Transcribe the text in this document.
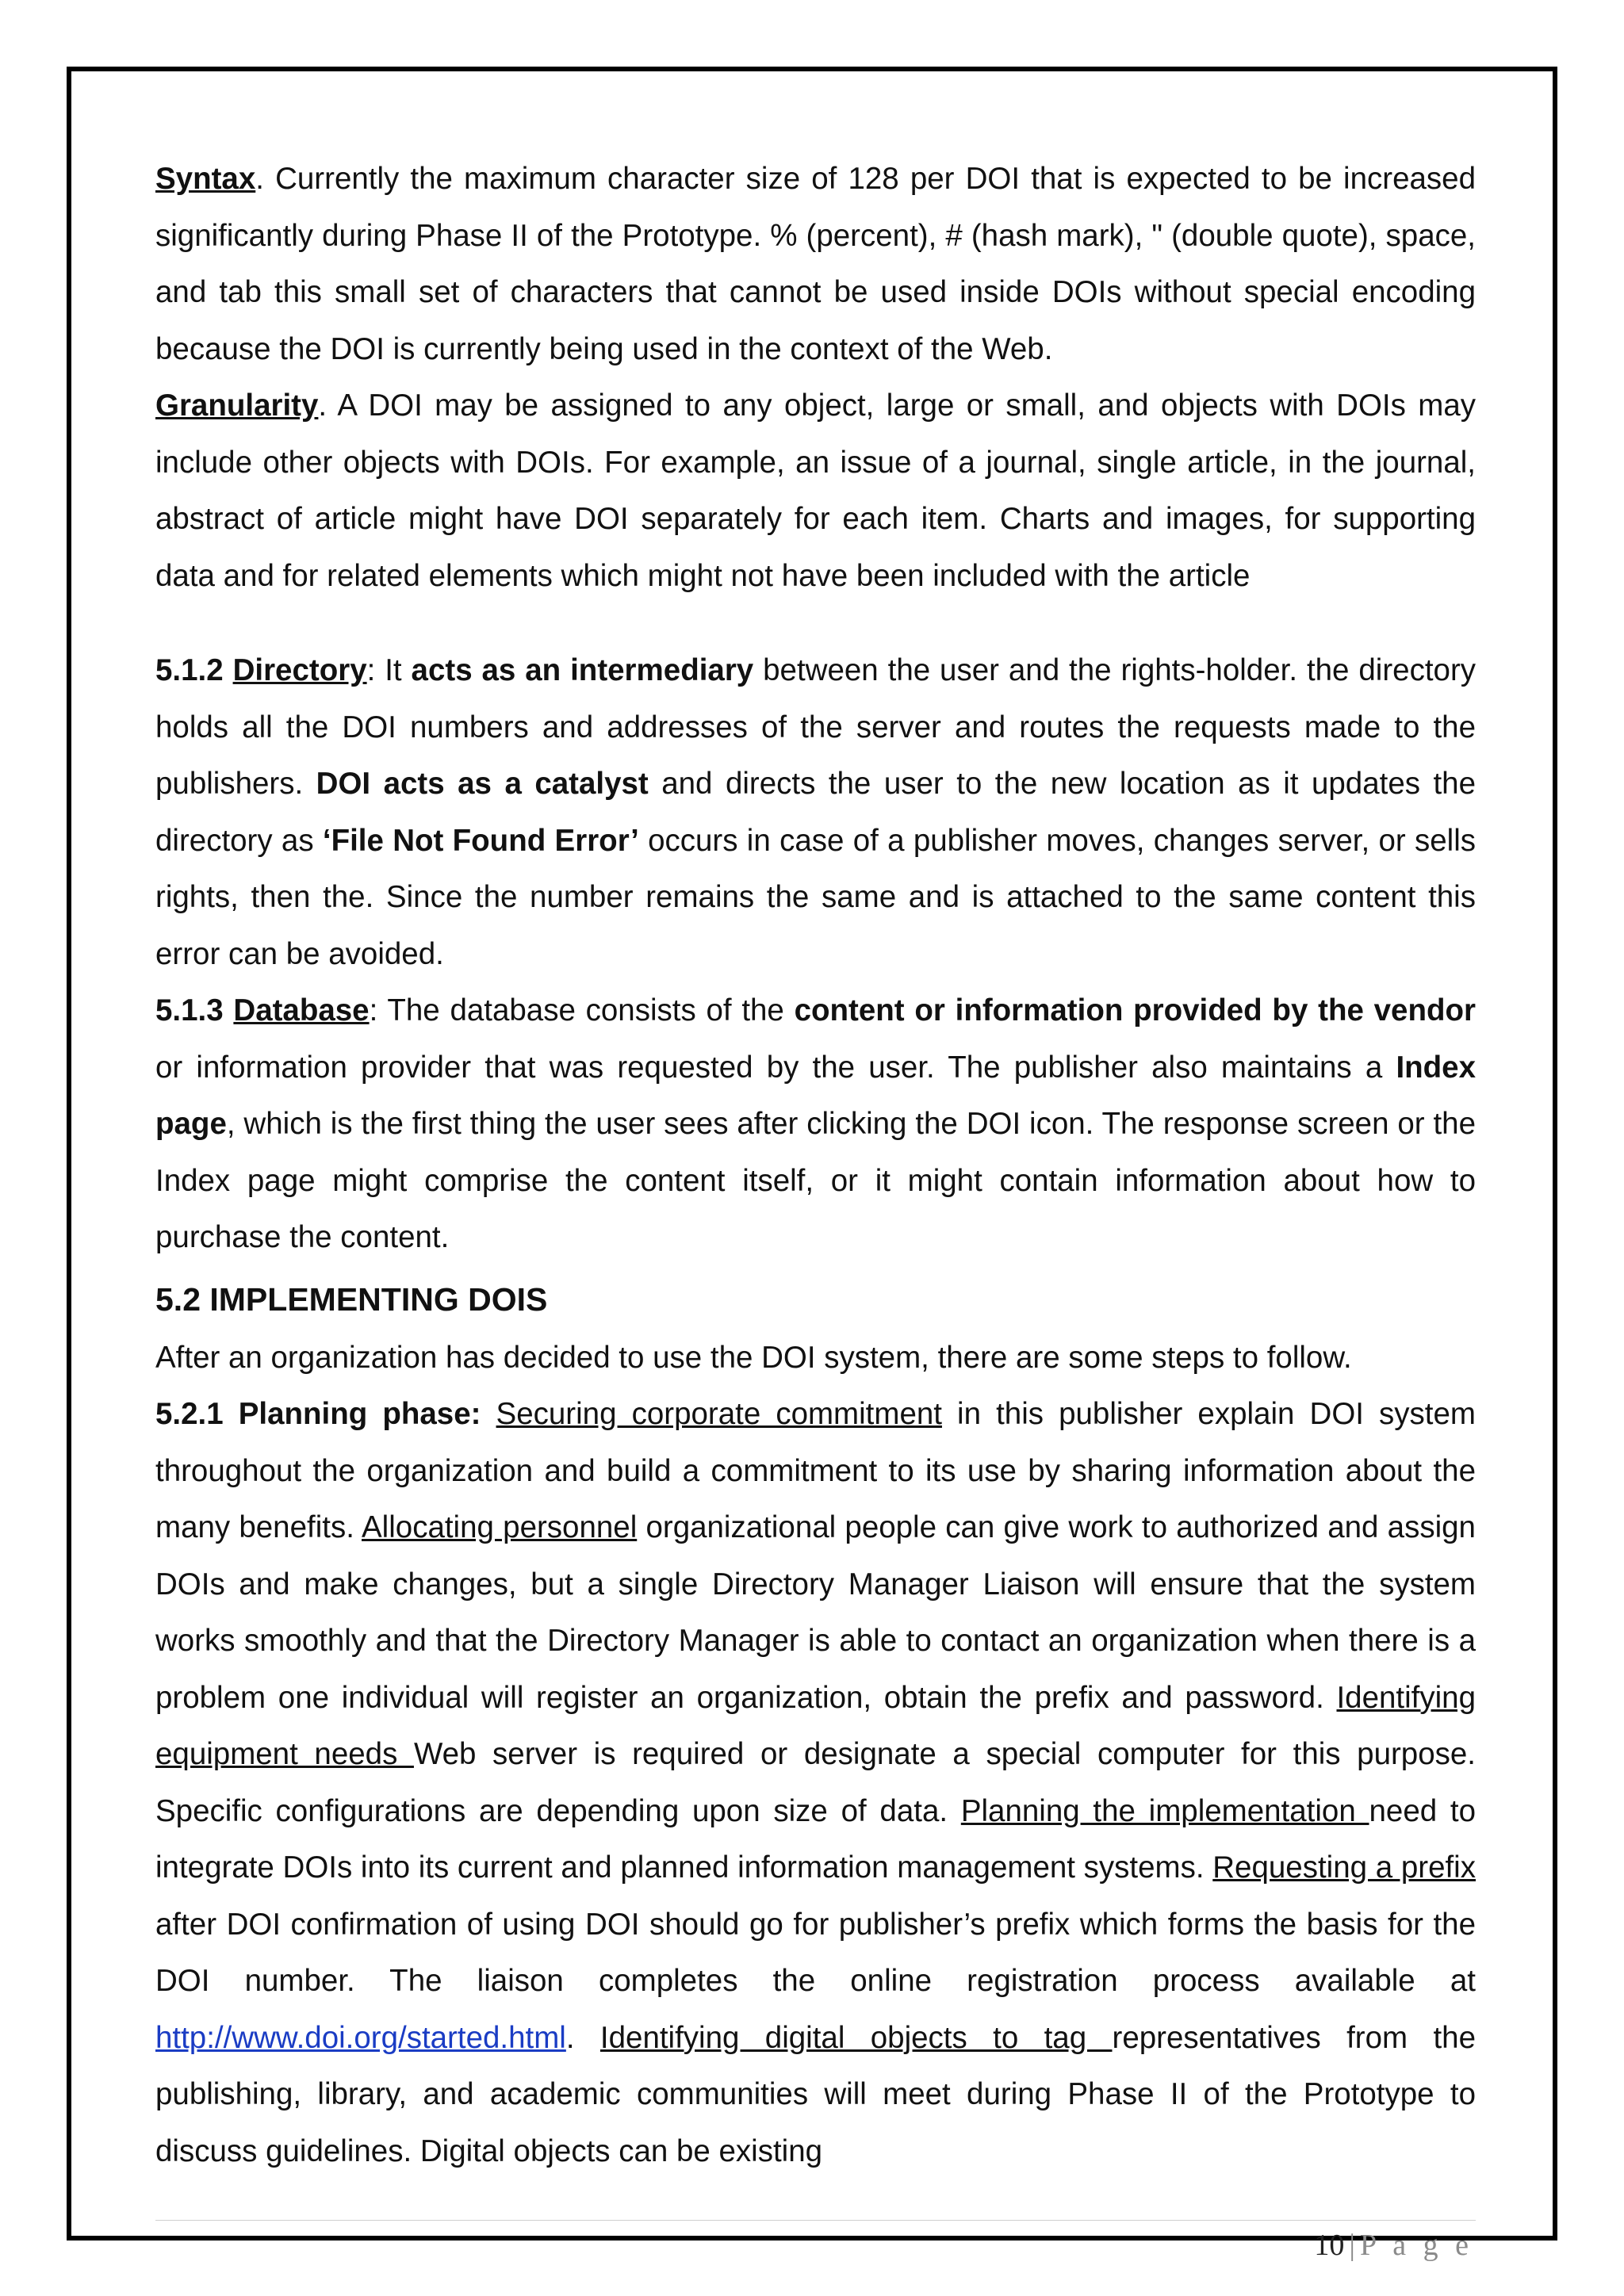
Syntax. Currently the maximum character size of 128 per DOI that is expected to be increased significantly during Phase II of the Prototype. % (percent), # (hash mark), " (double quote), space, and tab this small set of characters that cannot be used inside DOIs without special encoding because the DOI is currently being used in the context of the Web.

Granularity. A DOI may be assigned to any object, large or small, and objects with DOIs may include other objects with DOIs. For example, an issue of a journal, single article, in the journal, abstract of article might have DOI separately for each item. Charts and images, for supporting data and for related elements which might not have been included with the article

5.1.2 Directory: It acts as an intermediary between the user and the rights-holder. the directory holds all the DOI numbers and addresses of the server and routes the requests made to the publishers. DOI acts as a catalyst and directs the user to the new location as it updates the directory as ‘File Not Found Error’ occurs in case of a publisher moves, changes server, or sells rights, then the. Since the number remains the same and is attached to the same content this error can be avoided.

5.1.3 Database: The database consists of the content or information provided by the vendor or information provider that was requested by the user. The publisher also maintains a Index page, which is the first thing the user sees after clicking the DOI icon. The response screen or the Index page might comprise the content itself, or it might contain information about how to purchase the content.

5.2 IMPLEMENTING DOIS

After an organization has decided to use the DOI system, there are some steps to follow.

5.2.1 Planning phase: Securing corporate commitment in this publisher explain DOI system throughout the organization and build a commitment to its use by sharing information about the many benefits. Allocating personnel organizational people can give work to authorized and assign DOIs and make changes, but a single Directory Manager Liaison will ensure that the system works smoothly and that the Directory Manager is able to contact an organization when there is a problem one individual will register an organization, obtain the prefix and password. Identifying equipment needs Web server is required or designate a special computer for this purpose. Specific configurations are depending upon size of data. Planning the implementation need to integrate DOIs into its current and planned information management systems. Requesting a prefix after DOI confirmation of using DOI should go for publisher’s prefix which forms the basis for the DOI number. The liaison completes the online registration process available at http://www.doi.org/started.html. Identifying digital objects to tag representatives from the publishing, library, and academic communities will meet during Phase II of the Prototype to discuss guidelines. Digital objects can be existing

10 | P a g e
